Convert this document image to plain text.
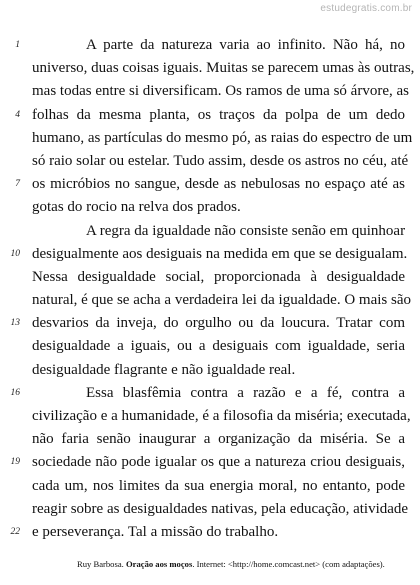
estudegratis.com.br
1	A parte da natureza varia ao infinito. Não há, no
universo, duas coisas iguais. Muitas se parecem umas às outras,
mas todas entre si diversificam. Os ramos de uma só árvore, as
4 folhas da mesma planta, os traços da polpa de um dedo
humano, as partículas do mesmo pó, as raias do espectro de um
só raio solar ou estelar. Tudo assim, desde os astros no céu, até
7 os micróbios no sangue, desde as nebulosas no espaço até as
gotas do rocio na relva dos prados.
A regra da igualdade não consiste senão em quinhoar
10 desigualmente aos desiguais na medida em que se desigualam.
Nessa desigualdade social, proporcionada à desigualdade
natural, é que se acha a verdadeira lei da igualdade. O mais são
13 desvarios da inveja, do orgulho ou da loucura. Tratar com
desigualdade a iguais, ou a desiguais com igualdade, seria
desigualdade flagrante e não igualdade real.
16	Essa blasfêmia contra a razão e a fé, contra a
civilização e a humanidade, é a filosofia da miséria; executada,
não faria senão inaugurar a organização da miséria. Se a
19 sociedade não pode igualar os que a natureza criou desiguais,
cada um, nos limites da sua energia moral, no entanto, pode
reagir sobre as desigualdades nativas, pela educação, atividade
22 e perseverança. Tal a missão do trabalho.
Ruy Barbosa. Oração aos moços. Internet: <http://home.comcast.net> (com adaptações).
